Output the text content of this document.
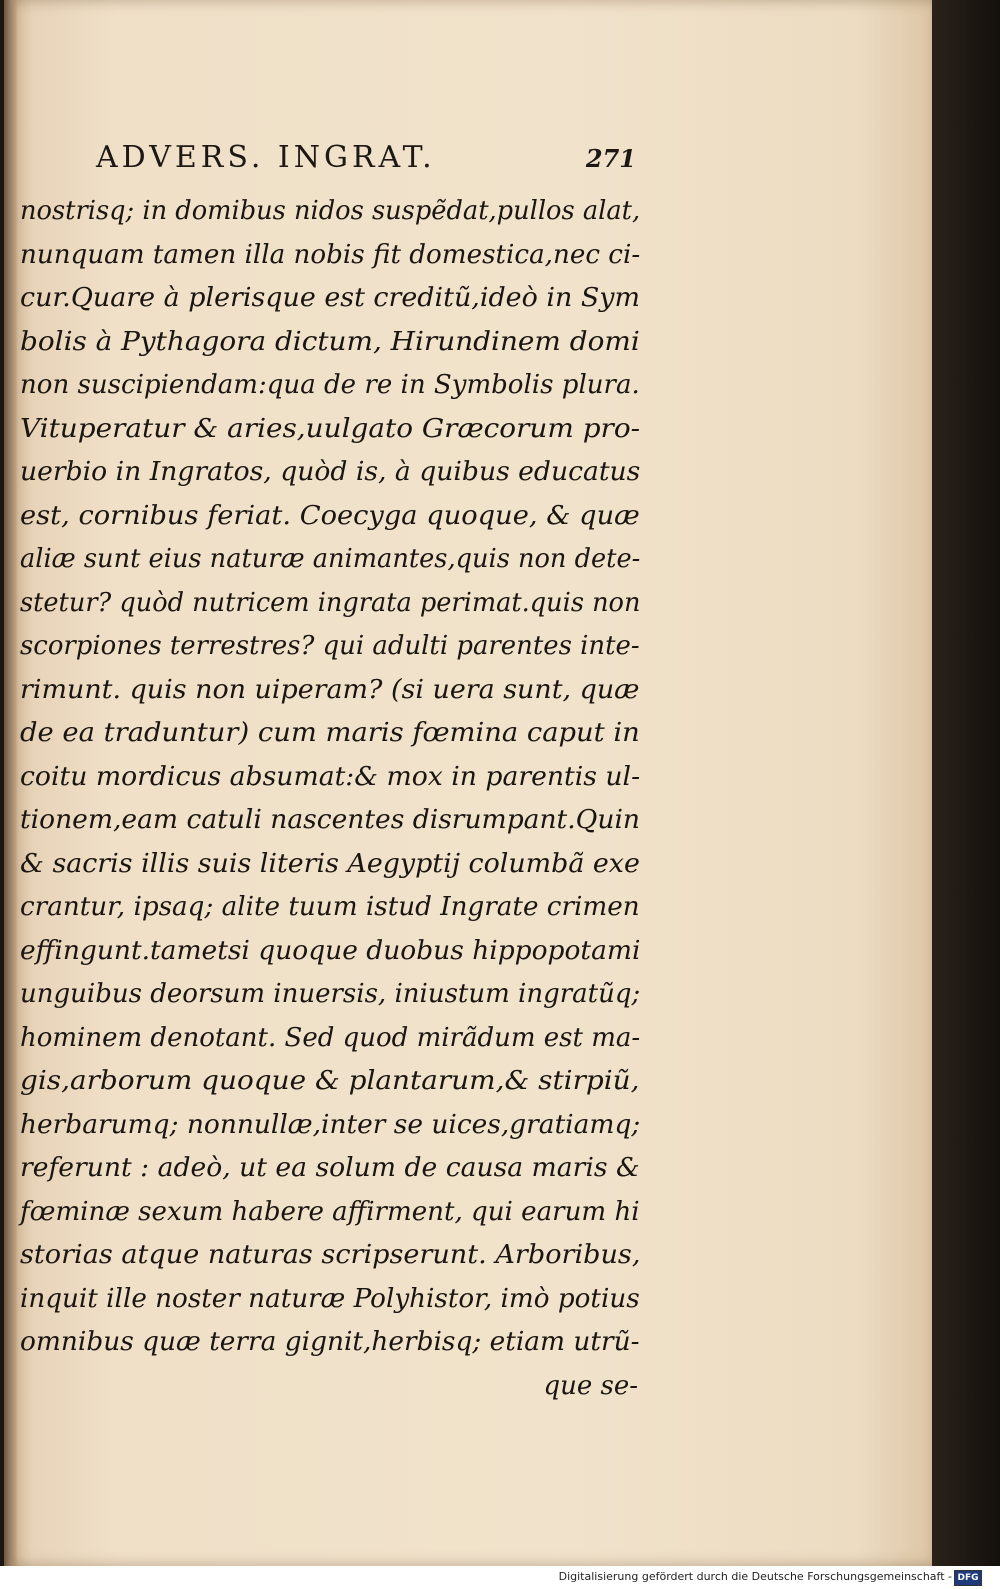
ADVERS. INGRAT.	271
nostrisq; in domibus nidos suspẽdat,pullos alat,
nunquam tamen illa nobis fit domestica,nec ci-
cur.Quare à plerisque est creditũ,ideò in Sym
bolis à Pythagora dictum, Hirundinem domi
non suscipiendam:qua de re in Symbolis plura.
Vituperatur & aries,uulgato Græcorum pro-
uerbio in Ingratos, quòd is, à quibus educatus
est, cornibus feriat. Coecyga quoque, & quæ
aliæ sunt eius naturæ animantes,quis non dete-
stetur? quòd nutricem ingrata perimat.quis non
scorpiones terrestres? qui adulti parentes inte-
rimunt. quis non uiperam? (si uera sunt, quæ
de ea traduntur) cum maris fœmina caput in
coitu mordicus absumat:& mox in parentis ul-
tionem,eam catuli nascentes disrumpant.Quin
& sacris illis suis literis Aegyptij columbã exe
crantur, ipsaq; alite tuum istud Ingrate crimen
effingunt.tametsi quoque duobus hippopotami
unguibus deorsum inuersis, iniustum ingratũq;
hominem denotant. Sed quod mirãdum est ma-
gis,arborum quoque & plantarum,& stirpiũ,
herbarumq; nonnullæ,inter se uices,gratiamq;
referunt : adeò, ut ea solum de causa maris &
fœminæ sexum habere affirment, qui earum hi
storias atque naturas scripserunt. Arboribus,
inquit ille noster naturæ Polyhistor, imò potius
omnibus quæ terra gignit,herbisq; etiam utrũ-
que se-
Digitalisierung gefördert durch die Deutsche Forschungsgemeinschaft - DFG
